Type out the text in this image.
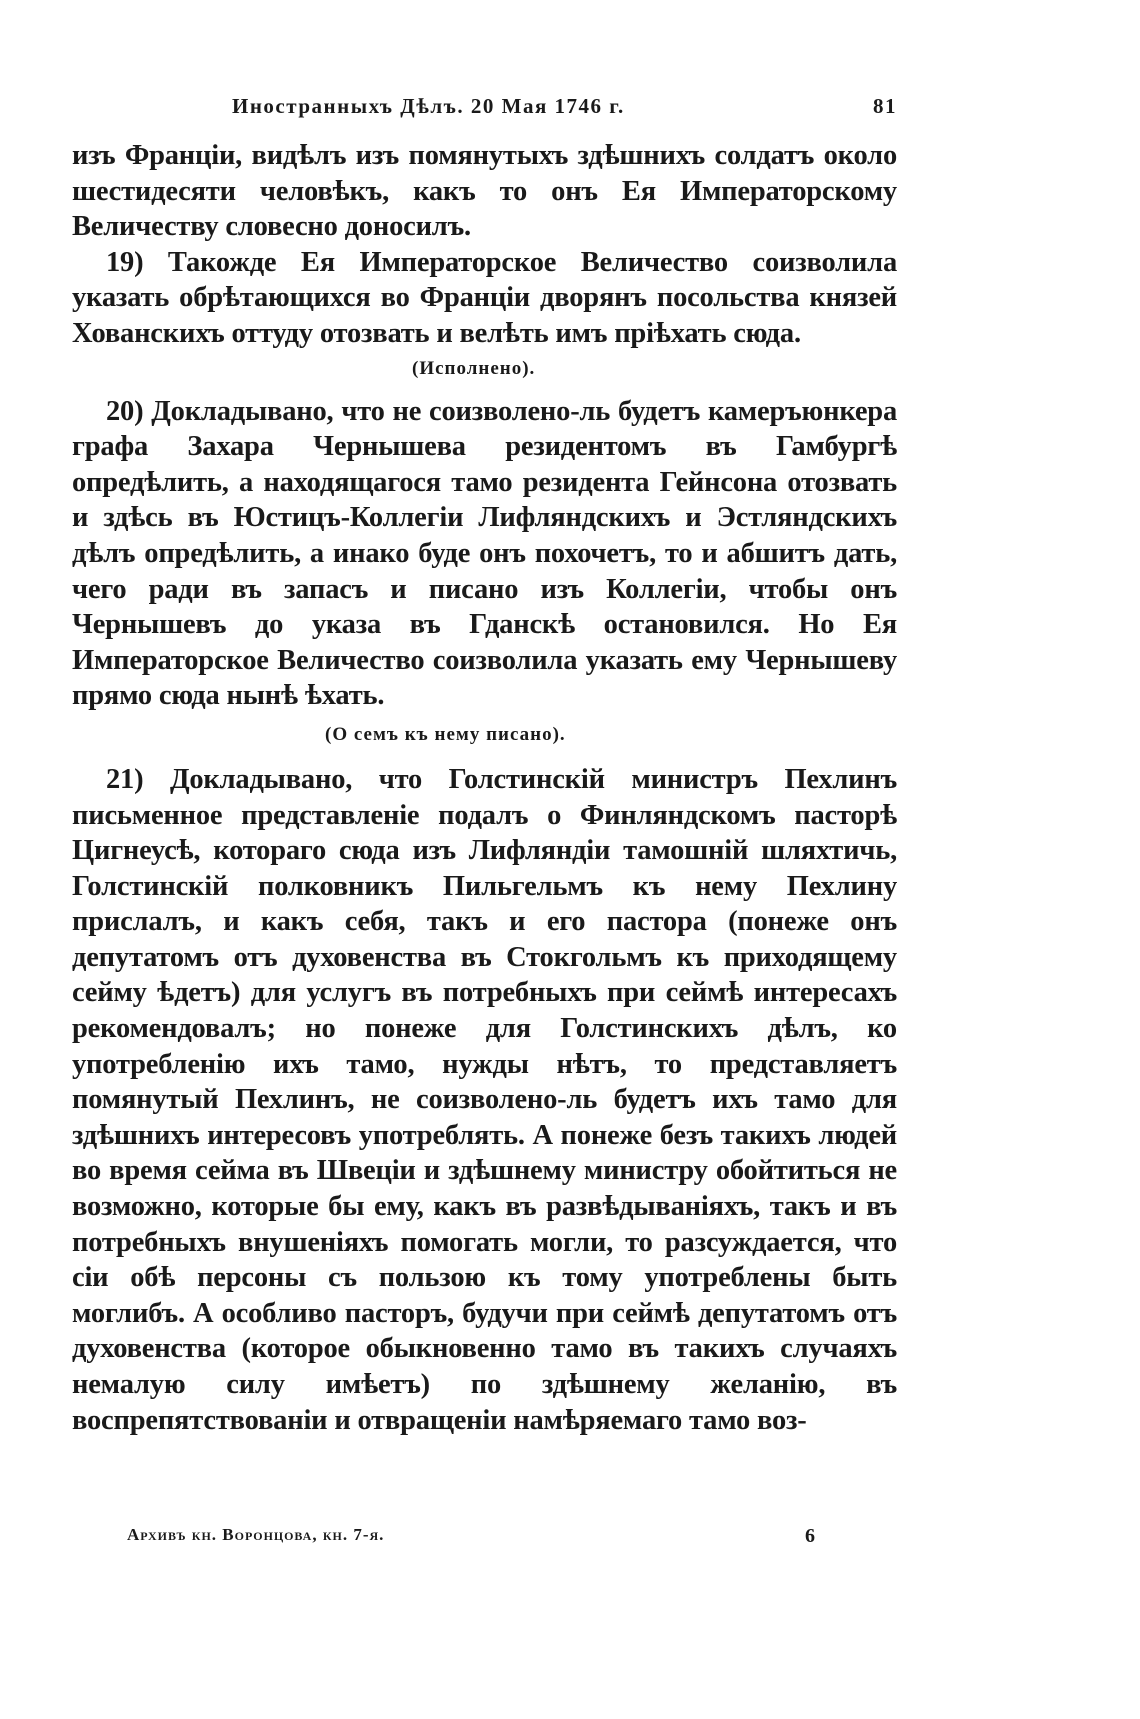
Иностранныхъ Дѣлъ. 20 Мая 1746 г.	81

изъ Франціи, видѣлъ изъ помянутыхъ здѣшнихъ солдатъ около шестидесяти человѣкъ, какъ то онъ Ея Императорскому Величеству словесно доносилъ.

19) Такожде Ея Императорское Величество соизволила указать обрѣтающихся во Франціи дворянъ посольства князей Хованскихъ оттуду отозвать и велѣть имъ пріѣхать сюда.

(Исполнено).

20) Докладывано, что не соизволено-ль будетъ камеръюнкера графа Захара Чернышева резидентомъ въ Гамбургѣ опредѣлить, а находящагося тамо резидента Гейнсона отозвать и здѣсь въ Юстицъ-Коллегіи Лифляндскихъ и Эстляндскихъ дѣлъ опредѣлить, а инако буде онъ похочетъ, то и абшитъ дать, чего ради въ запасъ и писано изъ Коллегіи, чтобы онъ Чернышевъ до указа въ Гданскѣ остановился. Но Ея Императорское Величество соизволила указать ему Чернышеву прямо сюда нынѣ ѣхать.

(О семъ къ нему писано).

21) Докладывано, что Голстинскій министръ Пехлинъ письменное представленіе подалъ о Финляндскомъ пасторѣ Цигнеусѣ, котораго сюда изъ Лифляндіи тамошній шляхтичь, Голстинскій полковникъ Пильгельмъ къ нему Пехлину прислалъ, и какъ себя, такъ и его пастора (понеже онъ депутатомъ отъ духовенства въ Стокгольмъ къ приходящему сейму ѣдетъ) для услугъ въ потребныхъ при сеймѣ интересахъ рекомендовалъ; но понеже для Голстинскихъ дѣлъ, ко употребленію ихъ тамо, нужды нѣтъ, то представляетъ помянутый Пехлинъ, не соизволено-ль будетъ ихъ тамо для здѣшнихъ интересовъ употреблять. А понеже безъ такихъ людей во время сейма въ Швеціи и здѣшнему министру обойтиться не возможно, которые бы ему, какъ въ развѣдываніяхъ, такъ и въ потребныхъ внушеніяхъ помогать могли, то разсуждается, что сіи обѣ персоны съ пользою къ тому употреблены быть моглибъ. А особливо пасторъ, будучи при сеймѣ депутатомъ отъ духовенства (которое обыкновенно тамо въ такихъ случаяхъ немалую силу имѣетъ) по здѣшнему желанію, въ воспрепятствованіи и отвращеніи намѣряемаго тамо воз-

Архивъ кн. Воронцова, кн. 7-я.	6
